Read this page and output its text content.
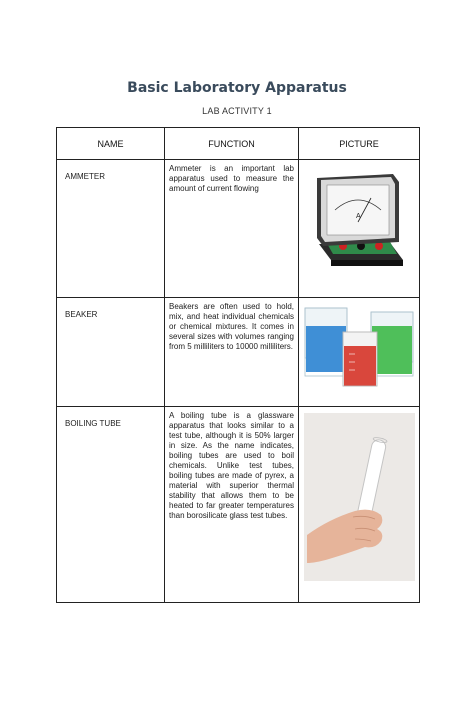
Basic Laboratory Apparatus
LAB ACTIVITY 1
NAME	FUNCTION	PICTURE
AMMETER	Ammeter is an important lab apparatus used to measure the amount of current flowing	A

BEAKER	Beakers are often used to hold, mix, and heat individual chemicals or chemical mixtures. It comes in several sizes with volumes ranging from 5 milliliters to 10000 milliliters.	
BOILING TUBE	A boiling tube is a glassware apparatus that looks similar to a test tube, although it is 50% larger in size. As the name indicates, boiling tubes are used to boil chemicals. Unlike test tubes, boiling tubes are made of pyrex, a material with superior thermal stability that allows them to be heated to far greater temperatures than borosilicate glass test tubes.	
